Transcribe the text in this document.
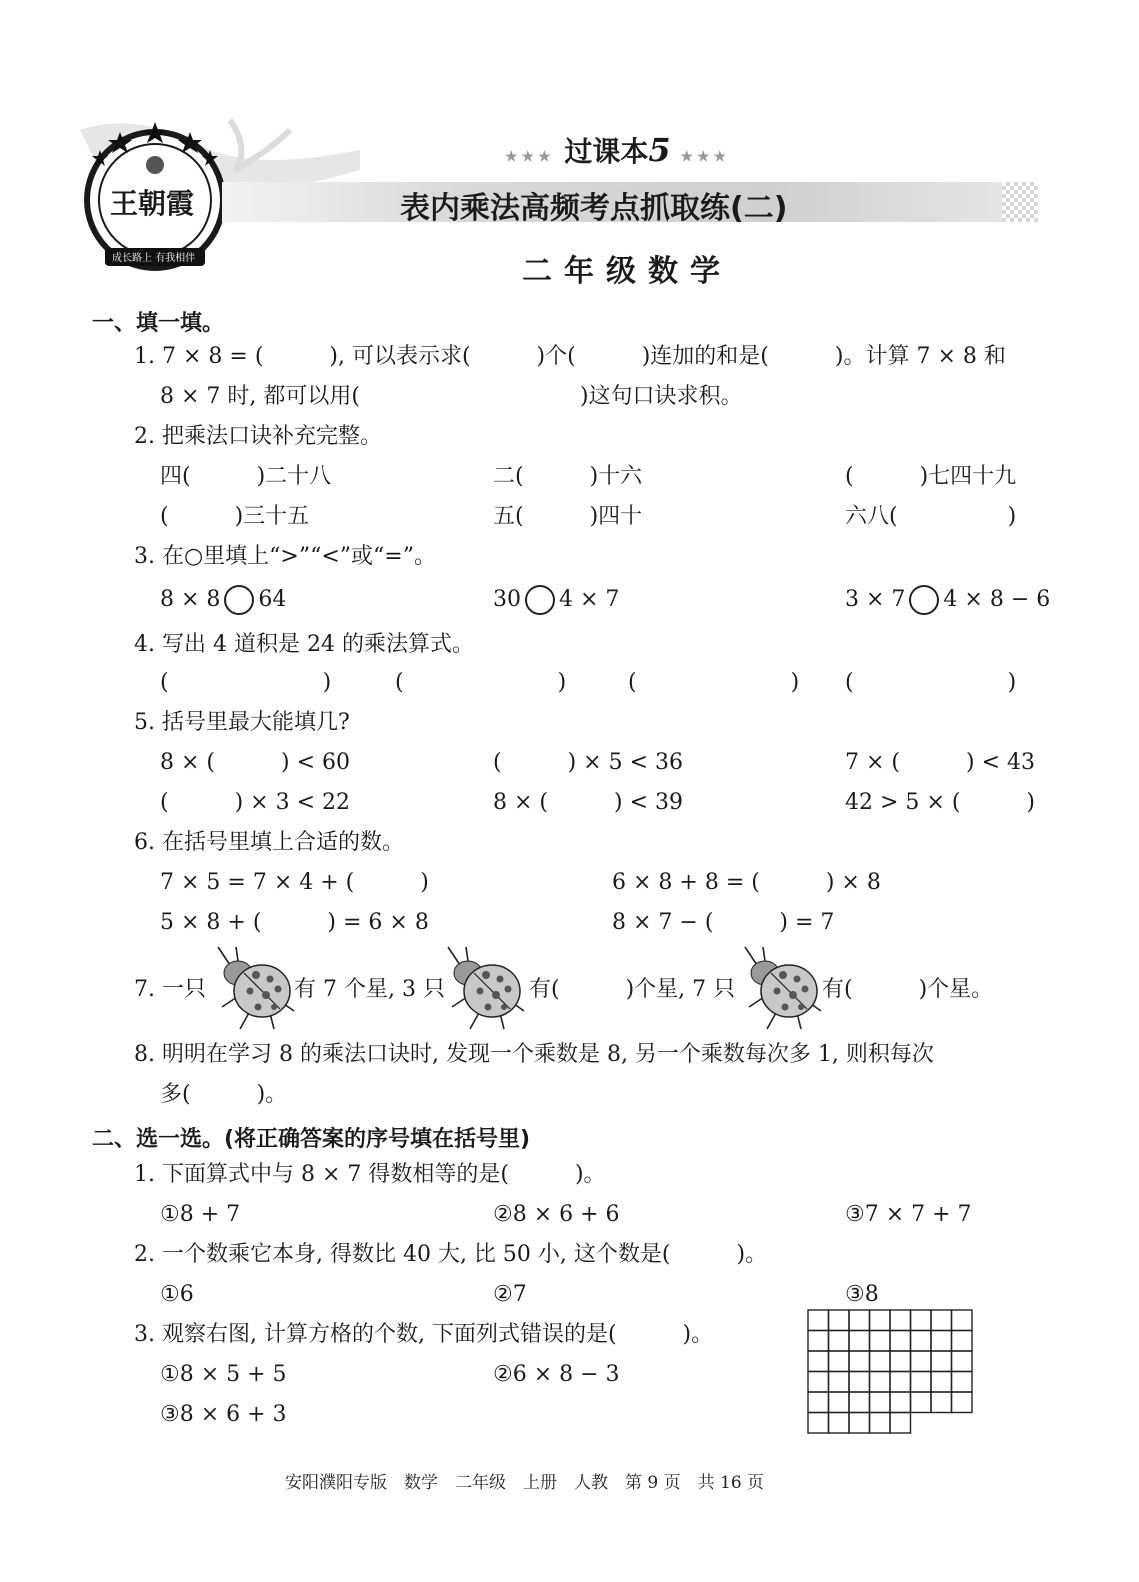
王朝霞
成长路上 有我相伴
★★★ 过课本5 ★★★
表内乘法高频考点抓取练(二)
二年级数学
一、填一填。
1. 7 × 8 = (　　　), 可以表示求(　　　)个(　　　)连加的和是(　　　)。计算 7 × 8 和
8 × 7 时, 都可以用(　　　　　　　　　　)这句口诀求积。
2. 把乘法口诀补充完整。
四(　　　)二十八	二(　　　)十六	(　　　)七四十九
(　　　)三十五	五(　　　)四十	六八(　　　　　)
3. 在○里填上“>”“<”或“=”。
8 × 8 64	30 4 × 7	3 × 7 4 × 8 − 6
4. 写出 4 道积是 24 的乘法算式。
(　　　　　　　)	(　　　　　　　)	(　　　　　　　) (　　　　　　　)
5. 括号里最大能填几?
8 × (　　　) < 60	(　　　) × 5 < 36	7 × (　　　) < 43
(　　　) × 3 < 22	8 × (　　　) < 39	42 > 5 × (　　　)
6. 在括号里填上合适的数。
7 × 5 = 7 × 4 + (　　　)	6 × 8 + 8 = (　　　) × 8
5 × 8 + (　　　) = 6 × 8	8 × 7 − (　　　) = 7
7. 一只	有 7 个星, 3 只	有(　　　)个星, 7 只	有(　　　)个星。
8. 明明在学习 8 的乘法口诀时, 发现一个乘数是 8, 另一个乘数每次多 1, 则积每次
多(　　　)。
二、选一选。(将正确答案的序号填在括号里)
1. 下面算式中与 8 × 7 得数相等的是(　　　)。
①8 + 7	②8 × 6 + 6	③7 × 7 + 7
2. 一个数乘它本身, 得数比 40 大, 比 50 小, 这个数是(　　　)。
①6	②7	③8
3. 观察右图, 计算方格的个数, 下面列式错误的是(　　　)。
①8 × 5 + 5	②6 × 8 − 3
③8 × 6 + 3
安阳濮阳专版　数学　二年级　上册　人教　第 9 页　共 16 页
